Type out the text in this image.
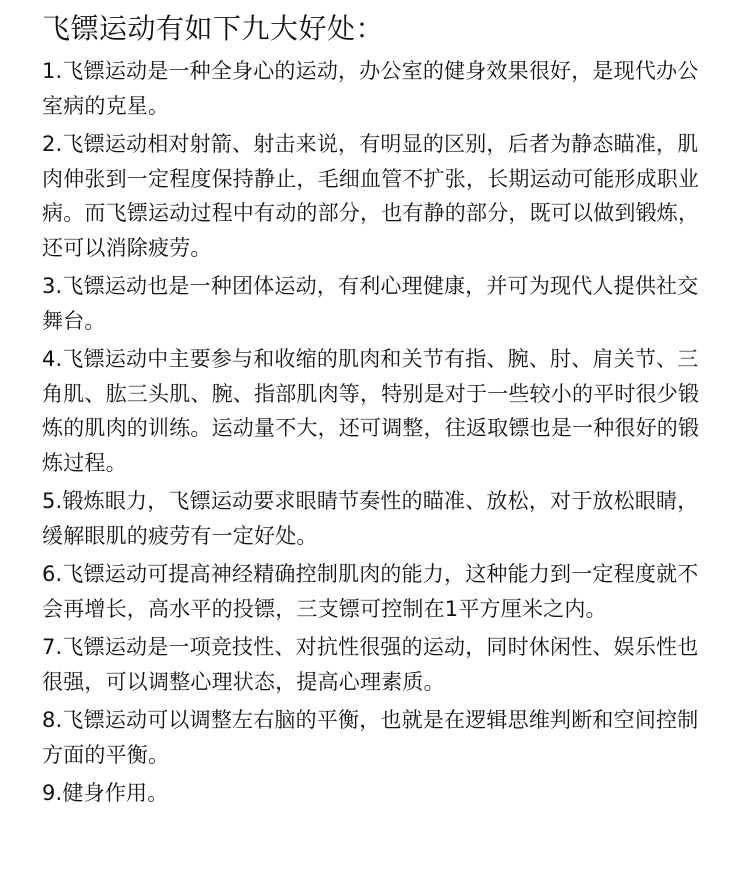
飞镖运动有如下九大好处：

1.飞镖运动是一种全身心的运动，办公室的健身效果很好，是现代办公室病的克星。

2.飞镖运动相对射箭、射击来说，有明显的区别，后者为静态瞄准，肌肉伸张到一定程度保持静止，毛细血管不扩张，长期运动可能形成职业病。而飞镖运动过程中有动的部分，也有静的部分，既可以做到锻炼，还可以消除疲劳。

3.飞镖运动也是一种团体运动，有利心理健康，并可为现代人提供社交舞台。

4.飞镖运动中主要参与和收缩的肌肉和关节有指、腕、肘、肩关节、三角肌、肱三头肌、腕、指部肌肉等，特别是对于一些较小的平时很少锻炼的肌肉的训练。运动量不大，还可调整，往返取镖也是一种很好的锻炼过程。

5.锻炼眼力，飞镖运动要求眼睛节奏性的瞄准、放松，对于放松眼睛，缓解眼肌的疲劳有一定好处。

6.飞镖运动可提高神经精确控制肌肉的能力，这种能力到一定程度就不会再增长，高水平的投镖，三支镖可控制在1平方厘米之内。

7.飞镖运动是一项竞技性、对抗性很强的运动，同时休闲性、娱乐性也很强，可以调整心理状态，提高心理素质。

8.飞镖运动可以调整左右脑的平衡，也就是在逻辑思维判断和空间控制方面的平衡。

9.健身作用。
